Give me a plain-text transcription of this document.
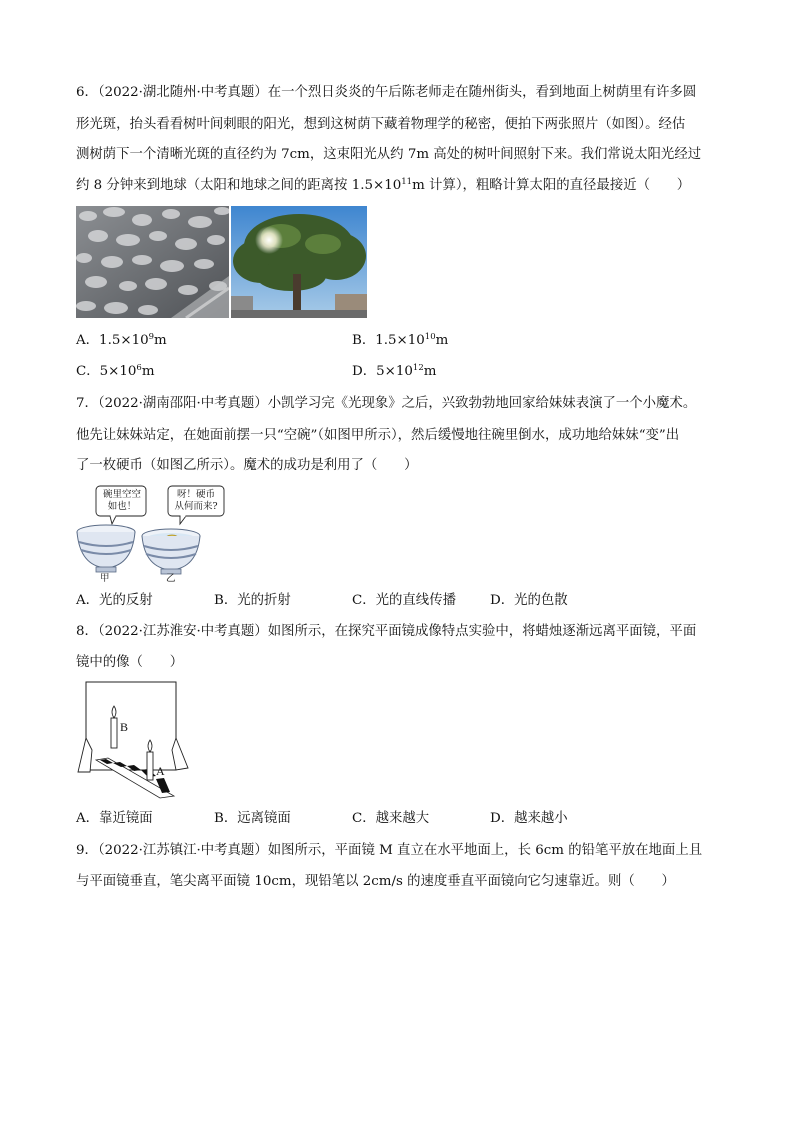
6．（2022·湖北随州·中考真题）在一个烈日炎炎的午后陈老师走在随州街头，看到地面上树荫里有许多圆
形光斑，抬头看看树叶间刺眼的阳光，想到这树荫下藏着物理学的秘密，便拍下两张照片（如图）。经估
测树荫下一个清晰光斑的直径约为 7cm，这束阳光从约 7m 高处的树叶间照射下来。我们常说太阳光经过
约 8 分钟来到地球（太阳和地球之间的距离按 $1.5\times 10^{11}m$ 计算），粗略计算太阳的直径最接近（　　）
A．$1.5\times 10^9m$	B．$1.5\times 10^{10}m$
C．$5\times 10^6m$	D．$5\times 10^{12}m$
7．（2022·湖南邵阳·中考真题）小凯学习完《光现象》之后，兴致勃勃地回家给妹妹表演了一个小魔术。
他先让妹妹站定，在她面前摆一只“空碗”（如图甲所示），然后缓慢地往碗里倒水，成功地给妹妹“变”出
了一枚硬币（如图乙所示）。魔术的成功是利用了（　　）
碗里空空
如也！
呀！硬币
从何而来?
甲	乙
A．光的反射	B．光的折射	C．光的直线传播	D．光的色散
8．（2022·江苏淮安·中考真题）如图所示，在探究平面镜成像特点实验中，将蜡烛逐渐远离平面镜，平面
镜中的像（　　）
B
A
A．靠近镜面	B．远离镜面	C．越来越大	D．越来越小
9．（2022·江苏镇江·中考真题）如图所示，平面镜 M 直立在水平地面上，长 6cm 的铅笔平放在地面上且
与平面镜垂直，笔尖离平面镜 10cm，现铅笔以 2cm/s 的速度垂直平面镜向它匀速靠近。则（　　）
